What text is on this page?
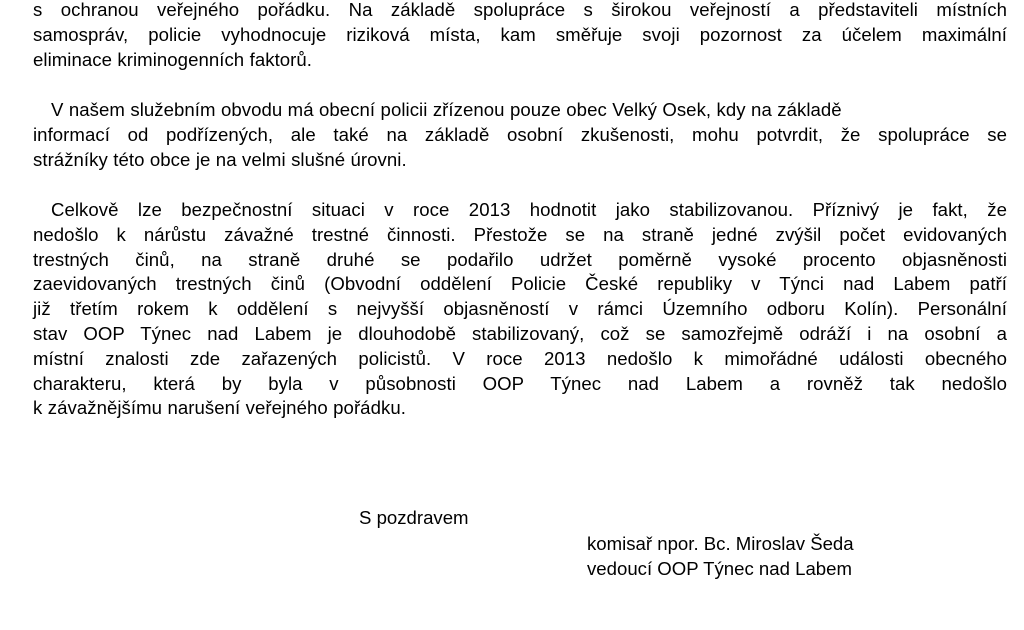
s ochranou veřejného pořádku. Na základě spolupráce s širokou veřejností a představiteli místních
samospráv, policie vyhodnocuje riziková místa, kam směřuje svoji pozornost za účelem maximální
eliminace kriminogenních faktorů.
V našem služebním obvodu má obecní policii zřízenou pouze obec Velký Osek, kdy na základě
informací od podřízených, ale také na základě osobní zkušenosti, mohu potvrdit, že spolupráce se
strážníky této obce je na velmi slušné úrovni.
Celkově lze bezpečnostní situaci v roce 2013 hodnotit jako stabilizovanou. Příznivý je fakt, že
nedošlo k nárůstu závažné trestné činnosti. Přestože se na straně jedné zvýšil počet evidovaných
trestných činů, na straně druhé se podařilo udržet poměrně vysoké procento objasněnosti
zaevidovaných trestných činů (Obvodní oddělení Policie České republiky v Týnci nad Labem patří
již třetím rokem k oddělení s nejvyšší objasněností v rámci Územního odboru Kolín). Personální
stav OOP Týnec nad Labem je dlouhodobě stabilizovaný, což se samozřejmě odráží i na osobní a
místní znalosti zde zařazených policistů. V roce 2013 nedošlo k mimořádné události obecného
charakteru, která by byla v působnosti OOP Týnec nad Labem a rovněž tak nedošlo
k závažnějšímu narušení veřejného pořádku.

S pozdravem

komisař npor. Bc. Miroslav Šeda
vedoucí OOP Týnec nad Labem
